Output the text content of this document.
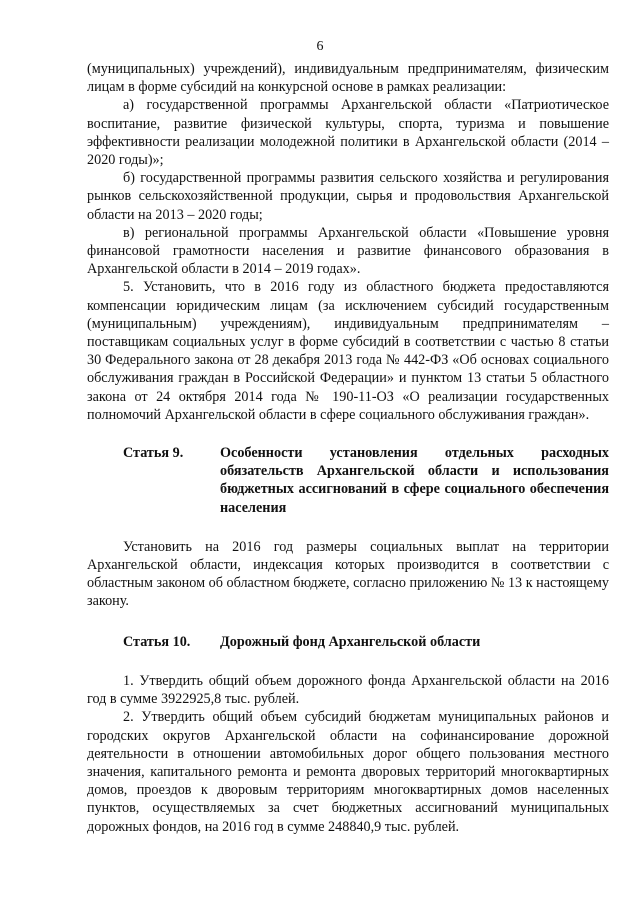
6

(муниципальных) учреждений), индивидуальным предпринимателям, физическим лицам в форме субсидий на конкурсной основе в рамках реализации:

а) государственной программы Архангельской области «Патриотическое воспитание, развитие физической культуры, спорта, туризма и повышение эффективности реализации молодежной политики в Архангельской области (2014 – 2020 годы)»;

б) государственной программы развития сельского хозяйства и регулирования рынков сельскохозяйственной продукции, сырья и продовольствия Архангельской области на 2013 – 2020 годы;

в) региональной программы Архангельской области «Повышение уровня финансовой грамотности населения и развитие финансового образования в Архангельской области в 2014 – 2019 годах».

5. Установить, что в 2016 году из областного бюджета предоставляются компенсации юридическим лицам (за исключением субсидий государственным (муниципальным) учреждениям), индивидуальным предпринимателям – поставщикам социальных услуг в форме субсидий в соответствии с частью 8 статьи 30 Федерального закона от 28 декабря 2013 года № 442-ФЗ «Об основах социального обслуживания граждан в Российской Федерации» и пунктом 13 статьи 5 областного закона от 24 октября 2014 года № 190-11-ОЗ «О реализации государственных полномочий Архангельской области в сфере социального обслуживания граждан».

Статья 9.	Особенности установления отдельных расходных обязательств Архангельской области и использования бюджетных ассигнований в сфере социального обеспечения населения

Установить на 2016 год размеры социальных выплат на территории Архангельской области, индексация которых производится в соответствии с областным законом об областном бюджете, согласно приложению № 13 к настоящему закону.

Статья 10.	Дорожный фонд Архангельской области

1. Утвердить общий объем дорожного фонда Архангельской области на 2016 год в сумме 3922925,8 тыс. рублей.

2. Утвердить общий объем субсидий бюджетам муниципальных районов и городских округов Архангельской области на софинансирование дорожной деятельности в отношении автомобильных дорог общего пользования местного значения, капитального ремонта и ремонта дворовых территорий многоквартирных домов, проездов к дворовым территориям многоквартирных домов населенных пунктов, осуществляемых за счет бюджетных ассигнований муниципальных дорожных фондов, на 2016 год в сумме 248840,9 тыс. рублей.
